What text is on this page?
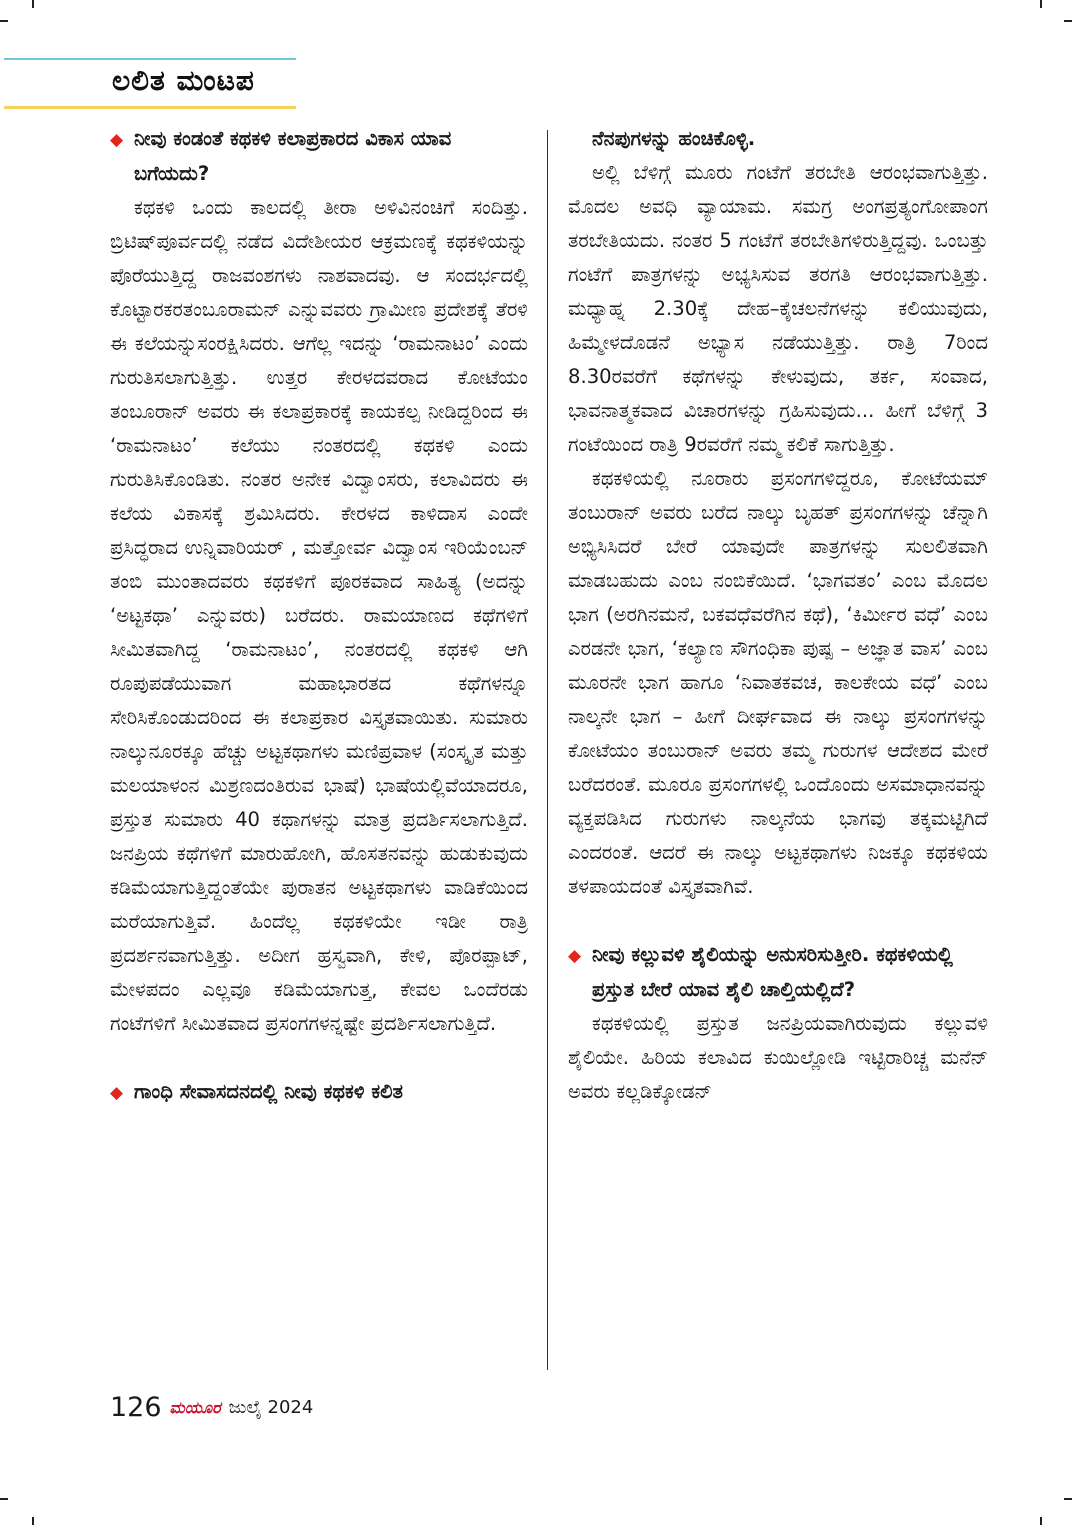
ಲಲಿತ ಮಂಟಪ

◆ ನೀವು ಕಂಡಂತೆ ಕಥಕಳಿ ಕಲಾಪ್ರಕಾರದ ವಿಕಾಸ ಯಾವ ಬಗೆಯದು?

ಕಥಕಳಿ ಒಂದು ಕಾಲದಲ್ಲಿ ತೀರಾ ಅಳಿವಿನಂಚಿಗೆ ಸಂದಿತ್ತು. ಬ್ರಿಟಿಷ್‌ಪೂರ್ವದಲ್ಲಿ ನಡೆದ ವಿದೇಶೀಯರ ಆಕ್ರಮಣಕ್ಕೆ ಕಥಕಳಿಯನ್ನು ಪೊರೆಯುತ್ತಿದ್ದ ರಾಜವಂಶಗಳು ನಾಶವಾದವು. ಆ ಸಂದರ್ಭದಲ್ಲಿ ಕೊಟ್ಟಾರಕರತಂಬೂರಾಮನ್ ಎನ್ನುವವರು ಗ್ರಾಮೀಣ ಪ್ರದೇಶಕ್ಕೆ ತೆರಳಿ ಈ ಕಲೆಯನ್ನುಸಂರಕ್ಷಿಸಿದರು. ಆಗೆಲ್ಲ ಇದನ್ನು ‘ರಾಮನಾಟಂ’ ಎಂದು ಗುರುತಿಸಲಾಗುತ್ತಿತ್ತು. ಉತ್ತರ ಕೇರಳದವರಾದ ಕೋಟೆಯಂ ತಂಬೂರಾನ್ ಅವರು ಈ ಕಲಾಪ್ರಕಾರಕ್ಕೆ ಕಾಯಕಲ್ಪ ನೀಡಿದ್ದರಿಂದ ಈ ‘ರಾಮನಾಟಂ’ ಕಲೆಯು ನಂತರದಲ್ಲಿ ಕಥಕಳಿ ಎಂದು ಗುರುತಿಸಿಕೊಂಡಿತು. ನಂತರ ಅನೇಕ ವಿದ್ವಾಂಸರು, ಕಲಾವಿದರು ಈ ಕಲೆಯ ವಿಕಾಸಕ್ಕೆ ಶ್ರಮಿಸಿದರು. ಕೇರಳದ ಕಾಳಿದಾಸ ಎಂದೇ ಪ್ರಸಿದ್ಧರಾದ ಉನ್ನಿವಾರಿಯರ್ , ಮತ್ತೋರ್ವ ವಿದ್ವಾಂಸ ಇರಿಯೆಂಬನ್ ತಂಬಿ ಮುಂತಾದವರು ಕಥಕಳಿಗೆ ಪೂರಕವಾದ ಸಾಹಿತ್ಯ (ಅದನ್ನು ‘ಅಟ್ಟಕಥಾ’ ಎನ್ನುವರು) ಬರೆದರು. ರಾಮಯಾಣದ ಕಥೆಗಳಿಗೆ ಸೀಮಿತವಾಗಿದ್ದ ‘ರಾಮನಾಟಂ’, ನಂತರದಲ್ಲಿ ಕಥಕಳಿ ಆಗಿ ರೂಪುಪಡೆಯುವಾಗ ಮಹಾಭಾರತದ ಕಥೆಗಳನ್ನೂ ಸೇರಿಸಿಕೊಂಡುದರಿಂದ ಈ ಕಲಾಪ್ರಕಾರ ವಿಸ್ತೃತವಾಯಿತು. ಸುಮಾರು ನಾಲ್ಕುನೂರಕ್ಕೂ ಹೆಚ್ಚು ಅಟ್ಟಕಥಾಗಳು ಮಣಿಪ್ರವಾಳ (ಸಂಸ್ಕೃತ ಮತ್ತು ಮಲಯಾಳಂನ ಮಿಶ್ರಣದಂತಿರುವ ಭಾಷೆ) ಭಾಷೆಯಲ್ಲಿವೆಯಾದರೂ, ಪ್ರಸ್ತುತ ಸುಮಾರು 40 ಕಥಾಗಳನ್ನು ಮಾತ್ರ ಪ್ರದರ್ಶಿಸಲಾಗುತ್ತಿದೆ. ಜನಪ್ರಿಯ ಕಥೆಗಳಿಗೆ ಮಾರುಹೋಗಿ, ಹೊಸತನವನ್ನು ಹುಡುಕುವುದು ಕಡಿಮೆಯಾಗುತ್ತಿದ್ದಂತೆಯೇ ಪುರಾತನ ಅಟ್ಟಕಥಾಗಳು ವಾಡಿಕೆಯಿಂದ ಮರೆಯಾಗುತ್ತಿವೆ. ಹಿಂದೆಲ್ಲ ಕಥಕಳಿಯೇ ಇಡೀ ರಾತ್ರಿ ಪ್ರದರ್ಶನವಾಗುತ್ತಿತ್ತು. ಅದೀಗ ಹ್ರಸ್ವವಾಗಿ, ಕೇಳಿ, ಪೊರಪ್ಪಾಟ್, ಮೇಳಪದಂ ಎಲ್ಲವೂ ಕಡಿಮೆಯಾಗುತ್ತ, ಕೇವಲ ಒಂದೆರಡು ಗಂಟೆಗಳಿಗೆ ಸೀಮಿತವಾದ ಪ್ರಸಂಗಗಳನ್ನಷ್ಟೇ ಪ್ರದರ್ಶಿಸಲಾಗುತ್ತಿದೆ.

◆ ಗಾಂಧಿ ಸೇವಾಸದನದಲ್ಲಿ ನೀವು ಕಥಕಳಿ ಕಲಿತ

ನೆನಪುಗಳನ್ನು ಹಂಚಿಕೊಳ್ಳಿ.

ಅಲ್ಲಿ ಬೆಳಿಗ್ಗೆ ಮೂರು ಗಂಟೆಗೆ ತರಬೇತಿ ಆರಂಭವಾಗುತ್ತಿತ್ತು. ಮೊದಲ ಅವಧಿ ವ್ಯಾಯಾಮ. ಸಮಗ್ರ ಅಂಗಪ್ರತ್ಯಂಗೋಪಾಂಗ ತರಬೇತಿಯದು. ನಂತರ 5 ಗಂಟೆಗೆ ತರಬೇತಿಗಳಿರುತ್ತಿದ್ದವು. ಒಂಬತ್ತು ಗಂಟೆಗೆ ಪಾತ್ರಗಳನ್ನು ಅಭ್ಯಸಿಸುವ ತರಗತಿ ಆರಂಭವಾಗುತ್ತಿತ್ತು. ಮಧ್ಯಾಹ್ನ 2.30ಕ್ಕೆ ದೇಹ–ಕೈಚಲನೆಗಳನ್ನು ಕಲಿಯುವುದು, ಹಿಮ್ಮೇಳದೊಡನೆ ಅಭ್ಯಾಸ ನಡೆಯುತ್ತಿತ್ತು. ರಾತ್ರಿ 7ರಿಂದ 8.30ರವರೆಗೆ ಕಥೆಗಳನ್ನು ಕೇಳುವುದು, ತರ್ಕ, ಸಂವಾದ, ಭಾವನಾತ್ಮಕವಾದ ವಿಚಾರಗಳನ್ನು ಗ್ರಹಿಸುವುದು... ಹೀಗೆ ಬೆಳಿಗ್ಗೆ 3 ಗಂಟೆಯಿಂದ ರಾತ್ರಿ 9ರವರೆಗೆ ನಮ್ಮ ಕಲಿಕೆ ಸಾಗುತ್ತಿತ್ತು.

ಕಥಕಳಿಯಲ್ಲಿ ನೂರಾರು ಪ್ರಸಂಗಗಳಿದ್ದರೂ, ಕೋಟೆಯಮ್ ತಂಬುರಾನ್ ಅವರು ಬರೆದ ನಾಲ್ಕು ಬೃಹತ್ ಪ್ರಸಂಗಗಳನ್ನು ಚೆನ್ನಾಗಿ ಅಭ್ಯಿಸಿಸಿದರೆ ಬೇರೆ ಯಾವುದೇ ಪಾತ್ರಗಳನ್ನು ಸುಲಲಿತವಾಗಿ ಮಾಡಬಹುದು ಎಂಬ ನಂಬಿಕೆಯಿದೆ. ‘ಭಾಗವತಂ’ ಎಂಬ ಮೊದಲ ಭಾಗ (ಅರಗಿನಮನೆ, ಬಕವಧೆವರೆಗಿನ ಕಥೆ), ‘ಕಿರ್ಮೀರ ವಧೆ’ ಎಂಬ ಎರಡನೇ ಭಾಗ, ‘ಕಲ್ಯಾಣ ಸೌಗಂಧಿಕಾ ಪುಷ್ಪ – ಅಜ್ಞಾತ ವಾಸ’ ಎಂಬ ಮೂರನೇ ಭಾಗ ಹಾಗೂ ‘ನಿವಾತಕವಚ, ಕಾಲಕೇಯ ವಧೆ’ ಎಂಬ ನಾಲ್ಕನೇ ಭಾಗ – ಹೀಗೆ ದೀರ್ಘವಾದ ಈ ನಾಲ್ಕು ಪ್ರಸಂಗಗಳನ್ನು ಕೋಟೆಯಂ ತಂಬುರಾನ್ ಅವರು ತಮ್ಮ ಗುರುಗಳ ಆದೇಶದ ಮೇರೆ ಬರೆದರಂತೆ. ಮೂರೂ ಪ್ರಸಂಗಗಳಲ್ಲಿ ಒಂದೊಂದು ಅಸಮಾಧಾನವನ್ನು ವ್ಯಕ್ತಪಡಿಸಿದ ಗುರುಗಳು ನಾಲ್ಕನೆಯ ಭಾಗವು ತಕ್ಕಮಟ್ಟಿಗಿದೆ ಎಂದರಂತೆ. ಆದರೆ ಈ ನಾಲ್ಕು ಅಟ್ಟಕಥಾಗಳು ನಿಜಕ್ಕೂ ಕಥಕಳಿಯ ತಳಪಾಯದಂತೆ ವಿಸ್ತೃತವಾಗಿವೆ.

◆ ನೀವು ಕಲ್ಲುವಳಿ ಶೈಲಿಯನ್ನು ಅನುಸರಿಸುತ್ತೀರಿ. ಕಥಕಳಿಯಲ್ಲಿ ಪ್ರಸ್ತುತ ಬೇರೆ ಯಾವ ಶೈಲಿ ಚಾಲ್ತಿಯಲ್ಲಿದೆ?

ಕಥಕಳಿಯಲ್ಲಿ ಪ್ರಸ್ತುತ ಜನಪ್ರಿಯವಾಗಿರುವುದು ಕಲ್ಲುವಳಿ ಶೈಲಿಯೇ. ಹಿರಿಯ ಕಲಾವಿದ ಕುಯಿಲ್ಲೋಡಿ ಇಟ್ಟಿರಾರಿಚ್ಚ ಮನೆನ್ ಅವರು ಕಲ್ಲಡಿಕ್ಕೋಡನ್

126 ಮಯೂರ ಜುಲೈ 2024
